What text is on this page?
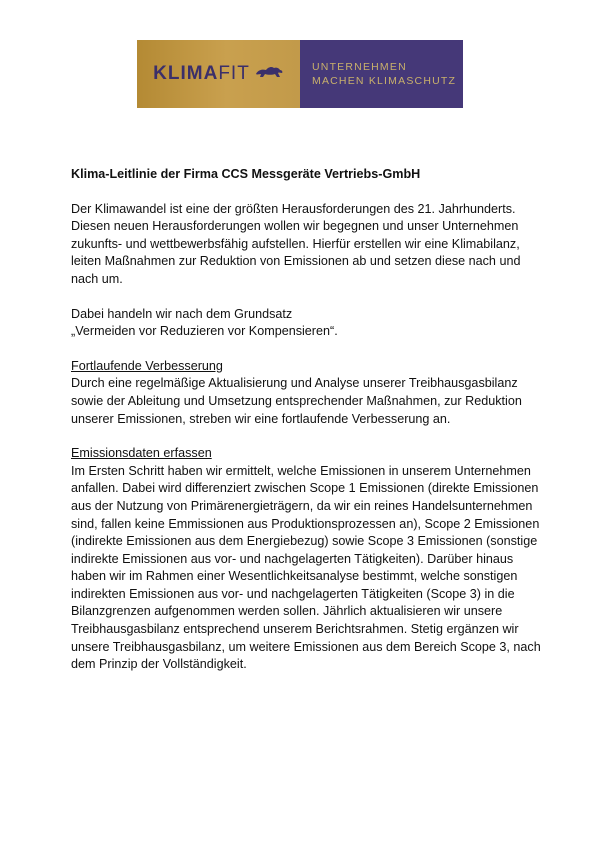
KLIMA FIT	UNTERNEHMEN
MACHEN KLIMASCHUTZ
Klima-Leitlinie der Firma CCS Messgeräte Vertriebs-GmbH

Der Klimawandel ist eine der größten Herausforderungen des 21. Jahrhunderts. Diesen neuen Herausforderungen wollen wir begegnen und unser Unternehmen zukunfts- und wettbewerbsfähig aufstellen. Hierfür erstellen wir eine Klimabilanz, leiten Maßnahmen zur Reduktion von Emissionen ab und setzen diese nach und nach um.

Dabei handeln wir nach dem Grundsatz
„Vermeiden vor Reduzieren vor Kompensieren“.

Fortlaufende Verbesserung
Durch eine regelmäßige Aktualisierung und Analyse unserer Treibhausgasbilanz sowie der Ableitung und Umsetzung entsprechender Maßnahmen, zur Reduktion unserer Emissionen, streben wir eine fortlaufende Verbesserung an.

Emissionsdaten erfassen
Im Ersten Schritt haben wir ermittelt, welche Emissionen in unserem Unternehmen anfallen. Dabei wird differenziert zwischen Scope 1 Emissionen (direkte Emissionen aus der Nutzung von Primärenergieträgern, da wir ein reines Handelsunternehmen sind, fallen keine Emmissionen aus Produktionsprozessen an), Scope 2 Emissionen (indirekte Emissionen aus dem Energiebezug) sowie Scope 3 Emissionen (sonstige indirekte Emissionen aus vor- und nachgelagerten Tätigkeiten). Darüber hinaus haben wir im Rahmen einer Wesentlichkeitsanalyse bestimmt, welche sonstigen indirekten Emissionen aus vor- und nachgelagerten Tätigkeiten (Scope 3) in die Bilanzgrenzen aufgenommen werden sollen. Jährlich aktualisieren wir unsere Treibhausgasbilanz entsprechend unserem Berichtsrahmen. Stetig ergänzen wir unsere Treibhausgasbilanz, um weitere Emissionen aus dem Bereich Scope 3, nach dem Prinzip der Vollständigkeit.
